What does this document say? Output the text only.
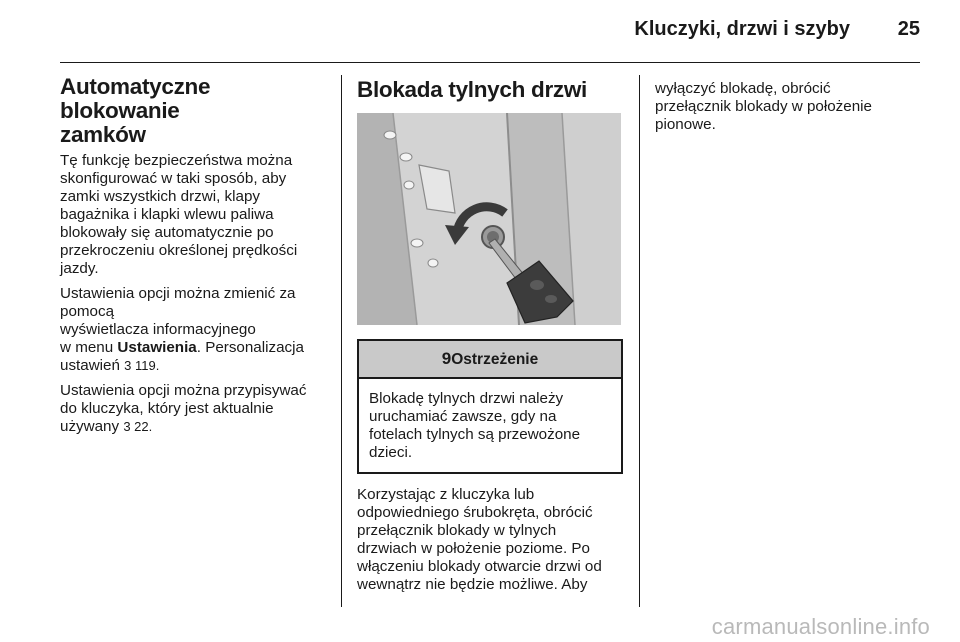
Kluczyki, drzwi i szyby	25
Automatyczne blokowanie
zamków

Tę funkcję bezpieczeństwa można
skonfigurować w taki sposób, aby
zamki wszystkich drzwi, klapy
bagażnika i klapki wlewu paliwa
blokowały się automatycznie po
przekroczeniu określonej prędkości
jazdy.

Ustawienia opcji można zmienić za
pomocą
wyświetlacza informacyjnego
w menu Ustawienia. Personalizacja
ustawień 3 119.

Ustawienia opcji można przypisywać
do kluczyka, który jest aktualnie
używany 3 22.

Blokada tylnych drzwi
9Ostrzeżenie
Blokadę tylnych drzwi należy
uruchamiać zawsze, gdy na
fotelach tylnych są przewożone
dzieci.

Korzystając z kluczyka lub
odpowiedniego śrubokręta, obrócić
przełącznik blokady w tylnych
drzwiach w położenie poziome. Po
włączeniu blokady otwarcie drzwi od
wewnątrz nie będzie możliwe. Aby

wyłączyć blokadę, obrócić
przełącznik blokady w położenie
pionowe.

carmanualsonline.info
